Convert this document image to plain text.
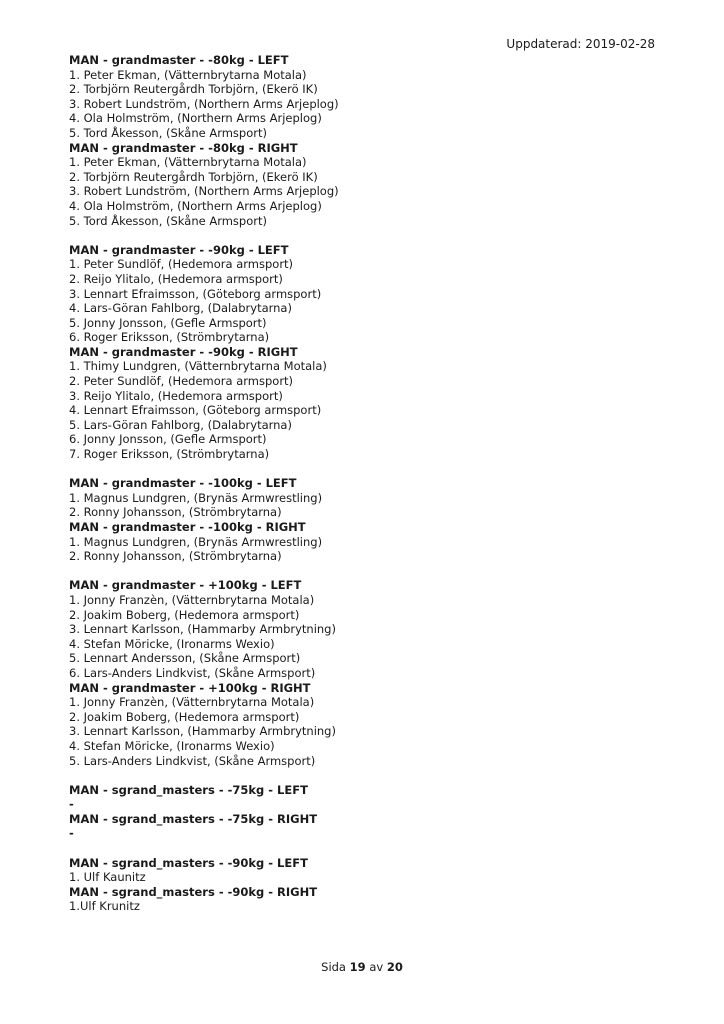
Uppdaterad: 2019-02-28
MAN - grandmaster - -80kg - LEFT
1. Peter Ekman, (Vätternbrytarna Motala)
2. Torbjörn Reutergårdh Torbjörn, (Ekerö IK)
3. Robert Lundström, (Northern Arms Arjeplog)
4. Ola Holmström, (Northern Arms Arjeplog)
5. Tord Åkesson, (Skåne Armsport)
MAN - grandmaster - -80kg - RIGHT
1. Peter Ekman, (Vätternbrytarna Motala)
2. Torbjörn Reutergårdh Torbjörn, (Ekerö IK)
3. Robert Lundström, (Northern Arms Arjeplog)
4. Ola Holmström, (Northern Arms Arjeplog)
5. Tord Åkesson, (Skåne Armsport)
MAN - grandmaster - -90kg - LEFT
1. Peter Sundlöf, (Hedemora armsport)
2. Reijo Ylitalo, (Hedemora armsport)
3. Lennart Efraimsson, (Göteborg armsport)
4. Lars-Göran Fahlborg, (Dalabrytarna)
5. Jonny Jonsson, (Gefle Armsport)
6. Roger Eriksson, (Strömbrytarna)
MAN - grandmaster - -90kg - RIGHT
1. Thimy Lundgren, (Vätternbrytarna Motala)
2. Peter Sundlöf, (Hedemora armsport)
3. Reijo Ylitalo, (Hedemora armsport)
4. Lennart Efraimsson, (Göteborg armsport)
5. Lars-Göran Fahlborg, (Dalabrytarna)
6. Jonny Jonsson, (Gefle Armsport)
7. Roger Eriksson, (Strömbrytarna)
MAN - grandmaster - -100kg - LEFT
1. Magnus Lundgren, (Brynäs Armwrestling)
2. Ronny Johansson, (Strömbrytarna)
MAN - grandmaster - -100kg - RIGHT
1. Magnus Lundgren, (Brynäs Armwrestling)
2. Ronny Johansson, (Strömbrytarna)
MAN - grandmaster - +100kg - LEFT
1. Jonny Franzèn, (Vätternbrytarna Motala)
2. Joakim Boberg, (Hedemora armsport)
3. Lennart Karlsson, (Hammarby Armbrytning)
4. Stefan Möricke, (Ironarms Wexio)
5. Lennart Andersson, (Skåne Armsport)
6. Lars-Anders Lindkvist, (Skåne Armsport)
MAN - grandmaster - +100kg - RIGHT
1. Jonny Franzèn, (Vätternbrytarna Motala)
2. Joakim Boberg, (Hedemora armsport)
3. Lennart Karlsson, (Hammarby Armbrytning)
4. Stefan Möricke, (Ironarms Wexio)
5. Lars-Anders Lindkvist, (Skåne Armsport)
MAN - sgrand_masters - -75kg - LEFT
-
MAN - sgrand_masters - -75kg - RIGHT
-
MAN - sgrand_masters - -90kg - LEFT
1. Ulf Kaunitz
MAN - sgrand_masters - -90kg - RIGHT
1.Ulf Krunitz
Sida 19 av 20
